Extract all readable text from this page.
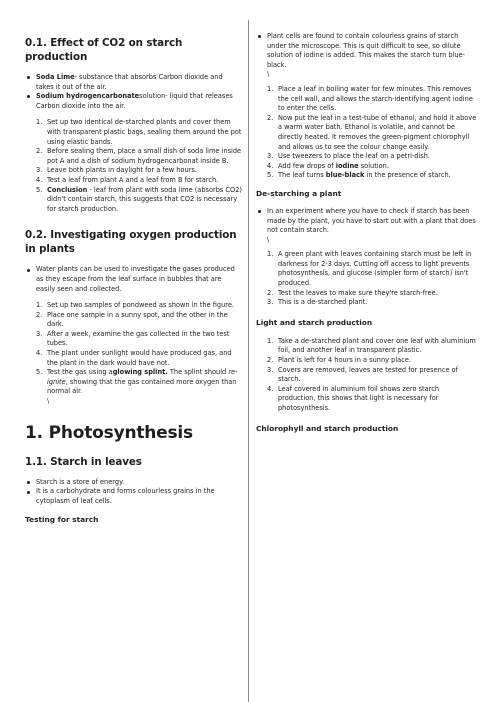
0.1. Effect of CO2 on starch production
Soda Lime- substance that absorbs Carbon dioxide and takes it out of the air.
Sodium hydrogencarbonatesolution- liquid that releases Carbon dioxide into the air.
1. Set up two identical de-starched plants and cover them with transparent plastic bags, sealing them around the pot using elastic bands.
2. Before sealing them, place a small dish of soda lime inside pot A and a dish of sodium hydrogencarbonat inside B.
3. Leave both plants in daylight for a few hours.
4. Test a leaf from plant A and a leaf from B for starch.
5. Conclusion - leaf from plant with soda lime (absorbs CO2) didn't contain starch, this suggests that CO2 is necessary for starch production.
0.2. Investigating oxygen production in plants
Water plants can be used to investigate the gases produced as they escape from the leaf surface in bubbles that are easily seen and collected.
1. Set up two samples of pondweed as shown in the figure.
2. Place one sample in a sunny spot, and the other in the dark.
3. After a week, examine the gas collected in the two test tubes.
4. The plant under sunlight would have produced gas, and the plant in the dark would have not.
5. Test the gas using aglowing splint. The splint should re-ignite, showing that the gas contained more oxygen than normal air.
\
1. Photosynthesis
1.1. Starch in leaves
Starch is a store of energy.
It is a carbohydrate and forms colourless grains in the cytoplasm of leaf cells.
Testing for starch
Plant cells are found to contain colourless grains of starch under the microscope. This is quit difficult to see, so dilute solution of iodine is added. This makes the starch turn blue-black.
\
1. Place a leaf in boiling water for few minutes. This removes the cell wall, and allows the starch-identifying agent iodine to enter the cells.
2. Now put the leaf in a test-tube of ethanol, and hold it above a warm water bath. Ethanol is volatile, and cannot be directly heated. It removes the green-pigment chlorophyll and allows us to see the colour change easily.
3. Use tweezers to place the leaf on a petri-dish.
4. Add few drops of iodine solution.
5. The leaf turns blue-black in the presence of starch.
De-starching a plant
In an experiment where you have to check if starch has been made by the plant, you have to start out with a plant that does not contain starch.
\
1. A green plant with leaves containing starch must be left in darkness for 2-3 days. Cutting off access to light prevents photosynthesis, and glucose (simpler form of starch) isn't produced.
2. Test the leaves to make sure they're starch-free.
3. This is a de-starched plant.
Light and starch production
1. Take a de-starched plant and cover one leaf with aluminium foil, and another leaf in transparent plastic.
2. Plant is left for 4 hours in a sunny place.
3. Covers are removed, leaves are tested for presence of starch.
4. Leaf covered in aluminium foil shows zero starch production, this shows that light is necessary for photosynthesis.
Chlorophyll and starch production
